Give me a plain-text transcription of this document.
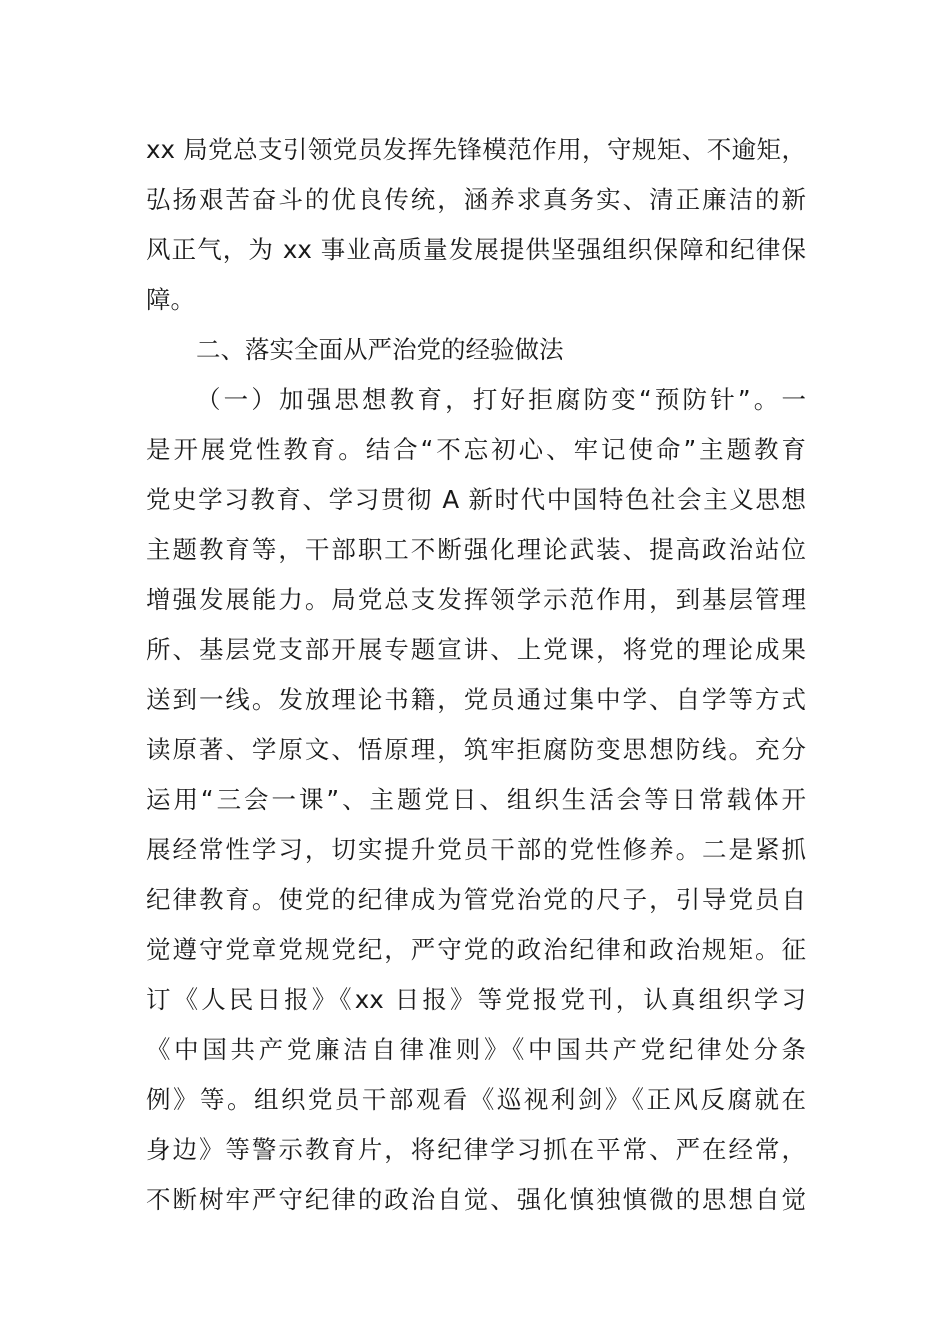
xx 局党总支引领党员发挥先锋模范作用，守规矩、不逾矩，

弘扬艰苦奋斗的优良传统，涵养求真务实、清正廉洁的新

风正气，为 xx 事业高质量发展提供坚强组织保障和纪律保

障。

二、落实全面从严治党的经验做法

（一）加强思想教育，打好拒腐防变“预防针”。一

是开展党性教育。结合“不忘初心、牢记使命”主题教育

党史学习教育、学习贯彻 A 新时代中国特色社会主义思想

主题教育等，干部职工不断强化理论武装、提高政治站位

增强发展能力。局党总支发挥领学示范作用，到基层管理

所、基层党支部开展专题宣讲、上党课，将党的理论成果

送到一线。发放理论书籍，党员通过集中学、自学等方式

读原著、学原文、悟原理，筑牢拒腐防变思想防线。充分

运用“三会一课”、主题党日、组织生活会等日常载体开

展经常性学习，切实提升党员干部的党性修养。二是紧抓

纪律教育。使党的纪律成为管党治党的尺子，引导党员自

觉遵守党章党规党纪，严守党的政治纪律和政治规矩。征

订《人民日报》《xx 日报》等党报党刊，认真组织学习

《中国共产党廉洁自律准则》《中国共产党纪律处分条

例》等。组织党员干部观看《巡视利剑》《正风反腐就在

身边》等警示教育片，将纪律学习抓在平常、严在经常，

不断树牢严守纪律的政治自觉、强化慎独慎微的思想自觉
